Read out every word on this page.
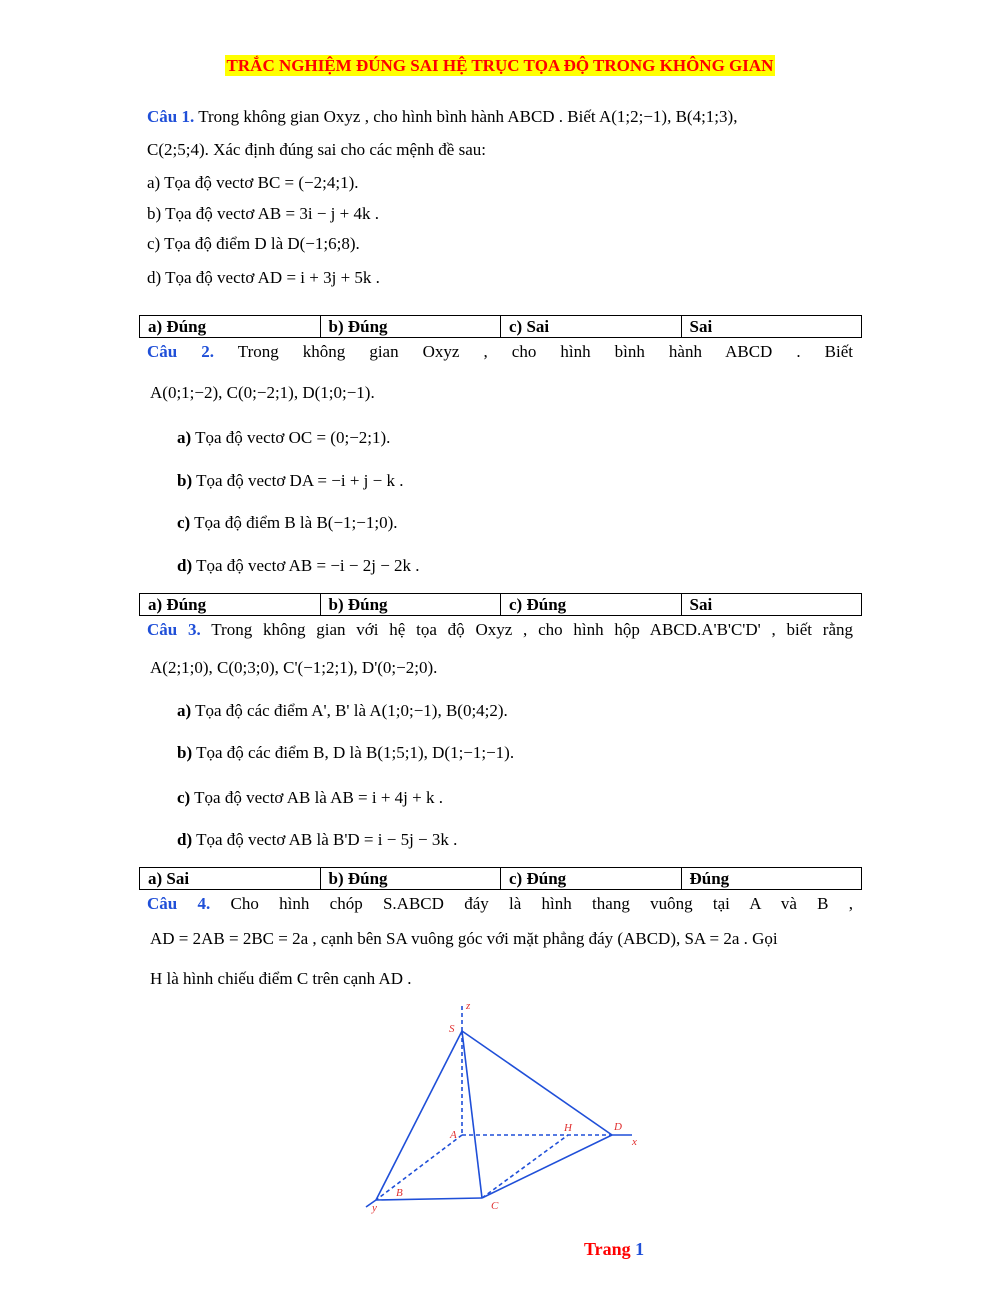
TRẮC NGHIỆM ĐÚNG SAI HỆ TRỤC TỌA ĐỘ TRONG KHÔNG GIAN
Câu 1. Trong không gian Oxyz , cho hình bình hành ABCD . Biết A(1;2;−1), B(4;1;3),
C(2;5;4). Xác định đúng sai cho các mệnh đề sau:
a) Tọa độ vectơ BC = (−2;4;1).
b) Tọa độ vectơ AB = 3i − j + 4k .
c) Tọa độ điểm D là D(−1;6;8).
d) Tọa độ vectơ AD = i + 3j + 5k .
a) Đúng	b) Đúng	c) Sai	Sai
Câu 2. Trong không gian Oxyz , cho hình bình hành ABCD . Biết
A(0;1;−2), C(0;−2;1), D(1;0;−1).
a) Tọa độ vectơ OC = (0;−2;1).
b) Tọa độ vectơ DA = −i + j − k .
c) Tọa độ điểm B là B(−1;−1;0).
d) Tọa độ vectơ AB = −i − 2j − 2k .
a) Đúng	b) Đúng	c) Đúng	Sai
Câu 3. Trong không gian với hệ tọa độ Oxyz , cho hình hộp ABCD.A'B'C'D' , biết rằng
A(2;1;0), C(0;3;0), C'(−1;2;1), D'(0;−2;0).
a) Tọa độ các điểm A', B' là A(1;0;−1), B(0;4;2).
b) Tọa độ các điểm B, D là B(1;5;1), D(1;−1;−1).
c) Tọa độ vectơ AB là AB = i + 4j + k .
d) Tọa độ vectơ AB là B'D = i − 5j − 3k .
a) Sai	b) Đúng	c) Đúng	Đúng
Câu 4. Cho hình chóp S.ABCD đáy là hình thang vuông tại A và B ,
AD = 2AB = 2BC = 2a , cạnh bên SA vuông góc với mặt phẳng đáy (ABCD), SA = 2a . Gọi
H là hình chiếu điểm C trên cạnh AD .
S
A
B
C
D
H
x
y
z
Trang 1
